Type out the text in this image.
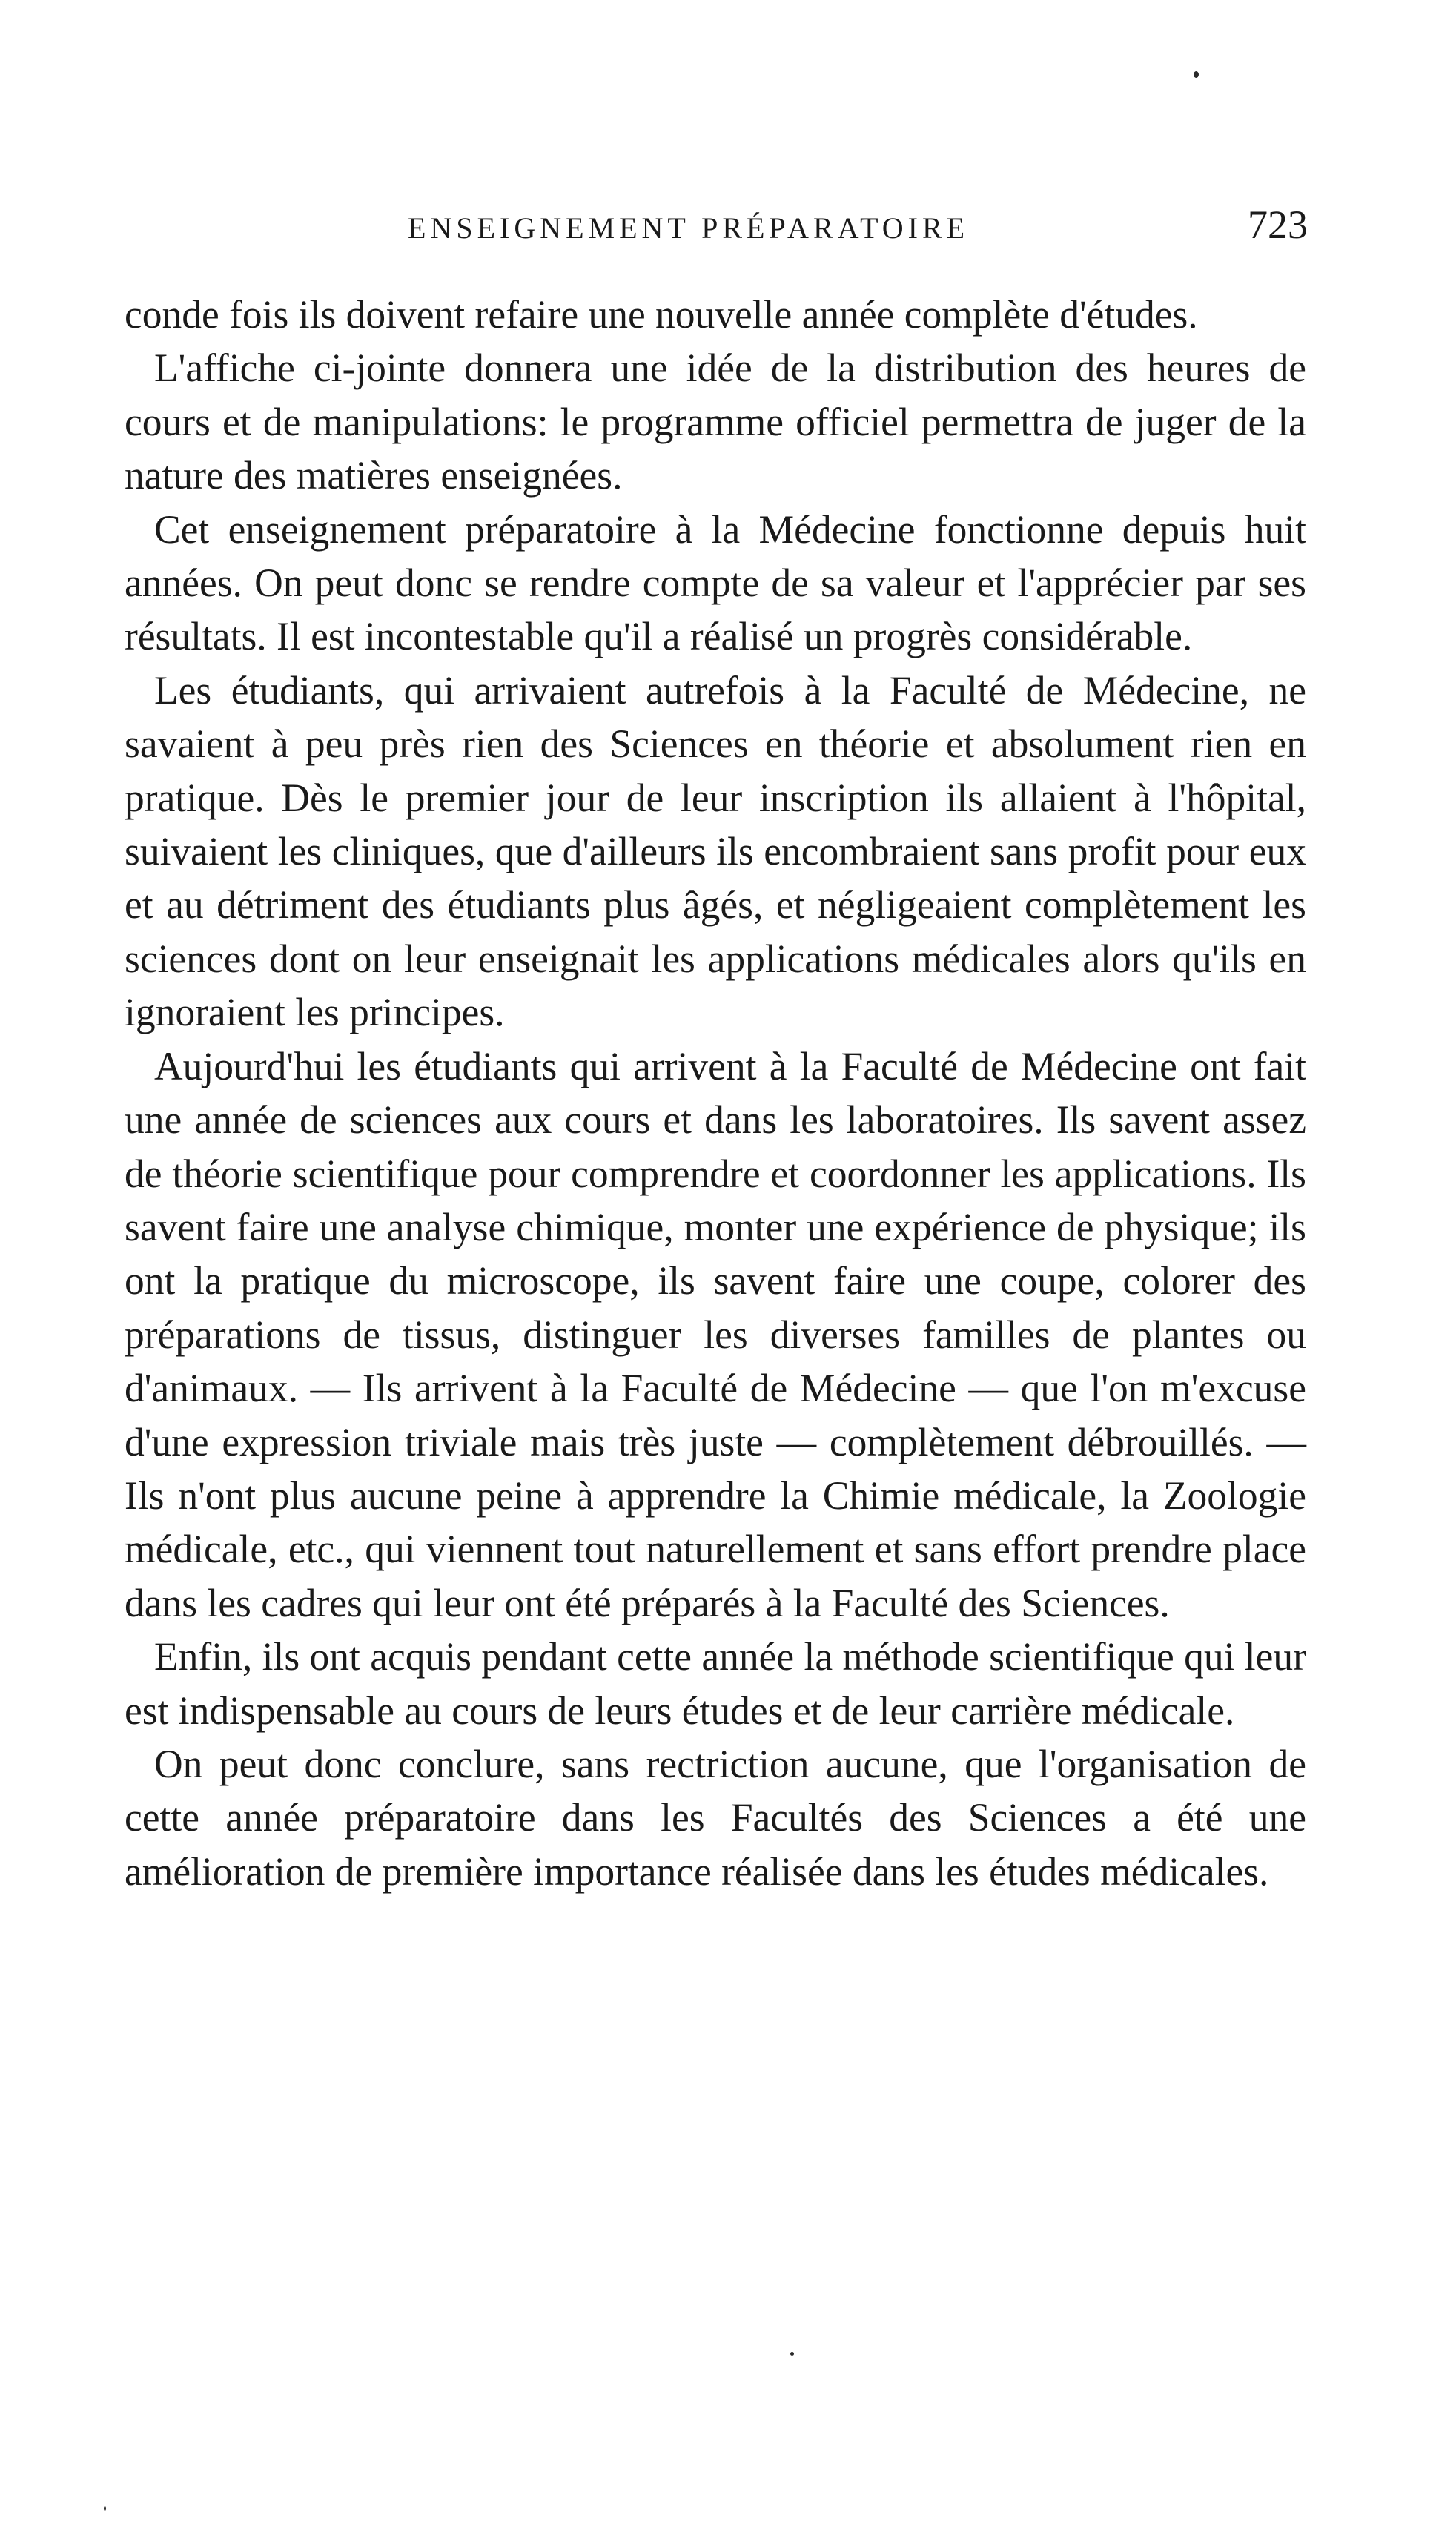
ENSEIGNEMENT PRÉPARATOIRE	723

conde fois ils doivent refaire une nouvelle année complète d'études.

L'affiche ci-jointe donnera une idée de la distribution des heures de cours et de manipulations: le programme officiel permettra de juger de la nature des matières enseignées.

Cet enseignement préparatoire à la Médecine fonctionne depuis huit années. On peut donc se rendre compte de sa valeur et l'apprécier par ses résultats. Il est incontestable qu'il a réalisé un progrès considérable.

Les étudiants, qui arrivaient autrefois à la Faculté de Médecine, ne savaient à peu près rien des Sciences en théorie et absolument rien en pratique. Dès le premier jour de leur inscription ils allaient à l'hôpital, suivaient les cliniques, que d'ailleurs ils encombraient sans profit pour eux et au détriment des étudiants plus âgés, et négligeaient complètement les sciences dont on leur enseignait les applications médicales alors qu'ils en ignoraient les principes.

Aujourd'hui les étudiants qui arrivent à la Faculté de Médecine ont fait une année de sciences aux cours et dans les laboratoires. Ils savent assez de théorie scientifique pour comprendre et coordonner les applications. Ils savent faire une analyse chimique, monter une expérience de physique; ils ont la pratique du microscope, ils savent faire une coupe, colorer des préparations de tissus, distinguer les diverses familles de plantes ou d'animaux. — Ils arrivent à la Faculté de Médecine — que l'on m'excuse d'une expression triviale mais très juste — complètement débrouillés. — Ils n'ont plus aucune peine à apprendre la Chimie médicale, la Zoologie médicale, etc., qui viennent tout naturellement et sans effort prendre place dans les cadres qui leur ont été préparés à la Faculté des Sciences.

Enfin, ils ont acquis pendant cette année la méthode scientifique qui leur est indispensable au cours de leurs études et de leur carrière médicale.

On peut donc conclure, sans rectriction aucune, que l'organisation de cette année préparatoire dans les Facultés des Sciences a été une amélioration de première importance réalisée dans les études médicales.
